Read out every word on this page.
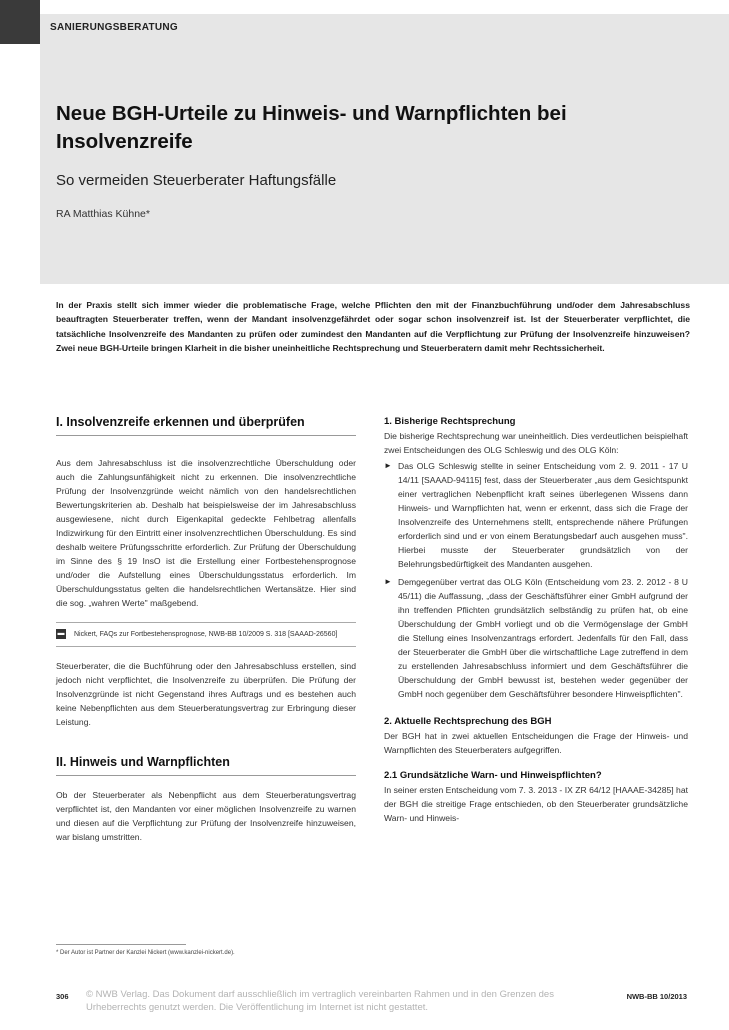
SANIERUNGSBERATUNG
Neue BGH-Urteile zu Hinweis- und Warnpflichten bei Insolvenzreife
So vermeiden Steuerberater Haftungsfälle
RA Matthias Kühne*

In der Praxis stellt sich immer wieder die problematische Frage, welche Pflichten den mit der Finanzbuchführung und/oder dem Jahresabschluss beauftragten Steuerberater treffen, wenn der Mandant insolvenzgefährdet oder sogar schon insolvenzreif ist. Ist der Steuerberater verpflichtet, die tatsächliche Insolvenzreife des Mandanten zu prüfen oder zumindest den Mandanten auf die Verpflichtung zur Prüfung der Insolvenzreife hinzuweisen? Zwei neue BGH-Urteile bringen Klarheit in die bisher uneinheitliche Rechtsprechung und Steuerberatern damit mehr Rechtssicherheit.

I. Insolvenzreife erkennen und überprüfen

Aus dem Jahresabschluss ist die insolvenzrechtliche Überschuldung oder auch die Zahlungsunfähigkeit nicht zu erkennen. Die insolvenzrechtliche Prüfung der Insolvenzgründe weicht nämlich von den handelsrechtlichen Bewertungskriterien ab. Deshalb hat beispielsweise der im Jahresabschluss ausgewiesene, nicht durch Eigenkapital gedeckte Fehlbetrag allenfalls Indizwirkung für den Eintritt einer insolvenzrechtlichen Überschuldung. Es sind deshalb weitere Prüfungsschritte erforderlich. Zur Prüfung der Überschuldung im Sinne des § 19 InsO ist die Erstellung einer Fortbestehensprognose und/oder die Aufstellung eines Überschuldungsstatus erforderlich. Im Überschuldungsstatus gelten die handelsrechtlichen Wertansätze. Hier sind die sog. „wahren Werte" maßgebend.

▬ Nickert, FAQs zur Fortbestehensprognose, NWB-BB 10/2009 S. 318 [SAAAD-26560]

Steuerberater, die die Buchführung oder den Jahresabschluss erstellen, sind jedoch nicht verpflichtet, die Insolvenzreife zu überprüfen. Die Prüfung der Insolvenzgründe ist nicht Gegenstand ihres Auftrags und es bestehen auch keine Nebenpflichten aus dem Steuerberatungsvertrag zur Erbringung dieser Leistung.

II. Hinweis und Warnpflichten

Ob der Steuerberater als Nebenpflicht aus dem Steuerberatungsvertrag verpflichtet ist, den Mandanten vor einer möglichen Insolvenzreife zu warnen und diesen auf die Verpflichtung zur Prüfung der Insolvenzreife hinzuweisen, war bislang umstritten.

1. Bisherige Rechtsprechung

Die bisherige Rechtsprechung war uneinheitlich. Dies verdeutlichen beispielhaft zwei Entscheidungen des OLG Schleswig und des OLG Köln:

► Das OLG Schleswig stellte in seiner Entscheidung vom 2. 9. 2011 - 17 U 14/11 [SAAAD-94115] fest, dass der Steuerberater „aus dem Gesichtspunkt einer vertraglichen Nebenpflicht kraft seines überlegenen Wissens dann Hinweis- und Warnpflichten hat, wenn er erkennt, dass sich die Frage der Insolvenzreife des Unternehmens stellt, entsprechende nähere Prüfungen erforderlich sind und er von einem Beratungsbedarf auch ausgehen muss". Hierbei musste der Steuerberater grundsätzlich von der Belehrungsbedürftigkeit des Mandanten ausgehen.

► Demgegenüber vertrat das OLG Köln (Entscheidung vom 23. 2. 2012 - 8 U 45/11) die Auffassung, „dass der Geschäftsführer einer GmbH aufgrund der ihn treffenden Pflichten grundsätzlich selbständig zu prüfen hat, ob eine Überschuldung der GmbH vorliegt und ob die Vermögenslage der GmbH die Stellung eines Insolvenzantrags erfordert. Jedenfalls für den Fall, dass der Steuerberater die GmbH über die wirtschaftliche Lage zutreffend in dem zu erstellenden Jahresabschluss informiert und dem Geschäftsführer die Überschuldung der GmbH bewusst ist, bestehen weder gegenüber der GmbH noch gegenüber dem Geschäftsführer besondere Hinweispflichten".

2. Aktuelle Rechtsprechung des BGH

Der BGH hat in zwei aktuellen Entscheidungen die Frage der Hinweis- und Warnpflichten des Steuerberaters aufgegriffen.

2.1 Grundsätzliche Warn- und Hinweispflichten?

In seiner ersten Entscheidung vom 7. 3. 2013 - IX ZR 64/12 [HAAAE-34285] hat der BGH die streitige Frage entschieden, ob den Steuerberater grundsätzliche Warn- und Hinweis-

* Der Autor ist Partner der Kanzlei Nickert (www.kanzlei-nickert.de).
306 © NWB Verlag. Das Dokument darf ausschließlich im vertraglich vereinbarten Rahmen und in den Grenzen des Urheberrechts genutzt werden. Die Veröffentlichung im Internet ist nicht gestattet.
NWB-BB 10/2013
